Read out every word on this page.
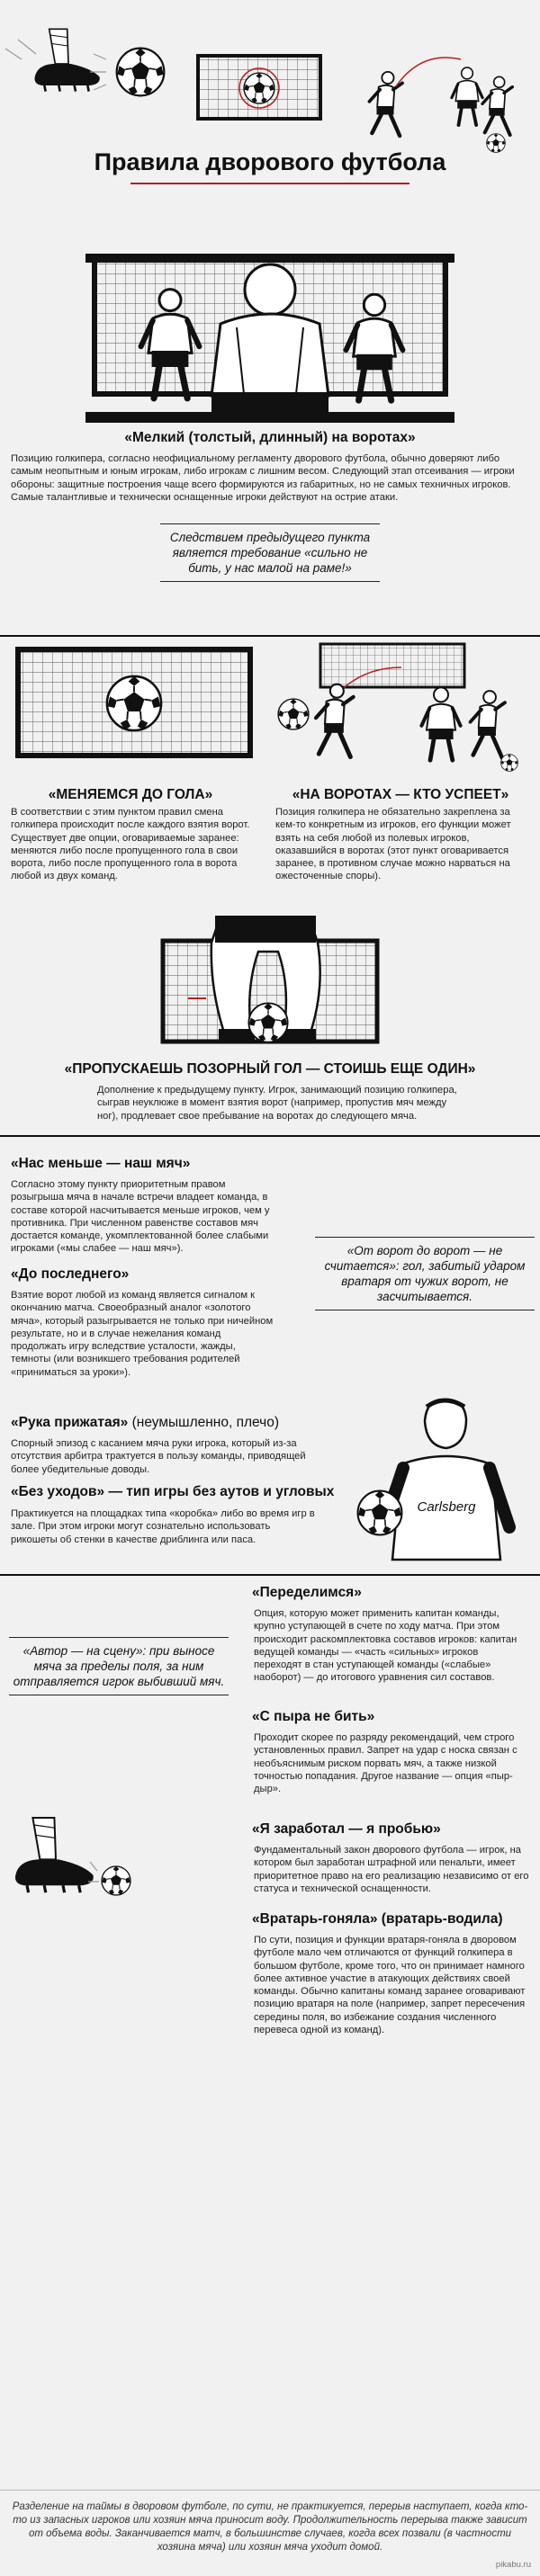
Правила дворового футбола
«Мелкий (толстый, длинный) на воротах»

Позицию голкипера, согласно неофициальному регламенту дворового футбола, обычно доверяют либо самым неопытным и юным игрокам, либо игрокам с лишним весом. Следующий этап отсеивания — игроки обороны: защитные построения чаще всего формируются из габаритных, но не самых техничных игроков. Самые талантливые и технически оснащенные игроки действуют на острие атаки.

Следствием предыдущего пункта является требование «сильно не бить, у нас малой на раме!»

«МЕНЯЕМСЯ ДО ГОЛА»

В соответствии с этим пунктом правил смена голкипера происходит после каждого взятия ворот. Существует две опции, оговариваемые заранее: меняются либо после пропущенного гола в свои ворота, либо после пропущенного гола в ворота любой из двух команд.

«НА ВОРОТАХ — КТО УСПЕЕТ»

Позиция голкипера не обязательно закреплена за кем-то конкретным из игроков, его функции может взять на себя любой из полевых игроков, оказавшийся в воротах (этот пункт оговаривается заранее, в противном случае можно нарваться на ожесточенные споры).

«ПРОПУСКАЕШЬ ПОЗОРНЫЙ ГОЛ — СТОИШЬ ЕЩЕ ОДИН»

Дополнение к предыдущему пункту. Игрок, занимающий позицию голкипера, сыграв неуклюже в момент взятия ворот (например, пропустив мяч между ног), продлевает свое пребывание на воротах до следующего мяча.

«Нас меньше — наш мяч»

Согласно этому пункту приоритетным правом розыгрыша мяча в начале встречи владеет команда, в составе которой насчитывается меньше игроков, чем у противника. При численном равенстве составов мяч достается команде, укомплектованной более слабыми игроками («мы слабее — наш мяч»).

«До последнего»

Взятие ворот любой из команд является сигналом к окончанию матча. Своеобразный аналог «золотого мяча», который разыгрывается не только при ничейном результате, но и в случае нежелания команд продолжать игру вследствие усталости, жажды, темноты (или возникшего требования родителей «приниматься за уроки»).

«От ворот до ворот — не считается»: гол, забитый ударом вратаря от чужих ворот, не засчитывается.

«Рука прижатая» (неумышленно, плечо)

Спорный эпизод с касанием мяча руки игрока, который из-за отсутствия арбитра трактуется в пользу команды, приводящей более убедительные доводы.

«Без уходов» — тип игры без аутов и угловых

Практикуется на площадках типа «коробка» либо во время игр в зале. При этом игроки могут сознательно использовать рикошеты об стенки в качестве дриблинга или паса.

Carlsberg

«Автор — на сцену»: при выносе мяча за пределы поля, за ним отправляется игрок выбивший мяч.

«Переделимся»

Опция, которую может применить капитан команды, крупно уступающей в счете по ходу матча. При этом происходит раскомплектовка составов игроков: капитан ведущей команды — «часть «сильных» игроков переходят в стан уступающей команды («слабые» наоборот) — до итогового уравнения сил составов.

«С пыра не бить»

Проходит скорее по разряду рекомендаций, чем строго установленных правил. Запрет на удар с носка связан с необъяснимым риском порвать мяч, а также низкой точностью попадания. Другое название — опция «пыр-дыр».

«Я заработал — я пробью»

Фундаментальный закон дворового футбола — игрок, на котором был заработан штрафной или пенальти, имеет приоритетное право на его реализацию независимо от его статуса и технической оснащенности.

«Вратарь-гоняла» (вратарь-водила)

По сути, позиция и функции вратаря-гоняла в дворовом футболе мало чем отличаются от функций голкипера в большом футболе, кроме того, что он принимает намного более активное участие в атакующих действиях своей команды. Обычно капитаны команд заранее оговаривают позицию вратаря на поле (например, запрет пересечения середины поля, во избежание создания численного перевеса одной из команд).

Разделение на таймы в дворовом футболе, по сути, не практикуется, перерыв наступает, когда кто-то из запасных игроков или хозяин мяча приносит воду. Продолжительность перерыва также зависит от объема воды. Заканчивается матч, в большинстве случаев, когда всех позвали (в частности хозяина мяча) или хозяин мяча уходит домой.

pikabu.ru
